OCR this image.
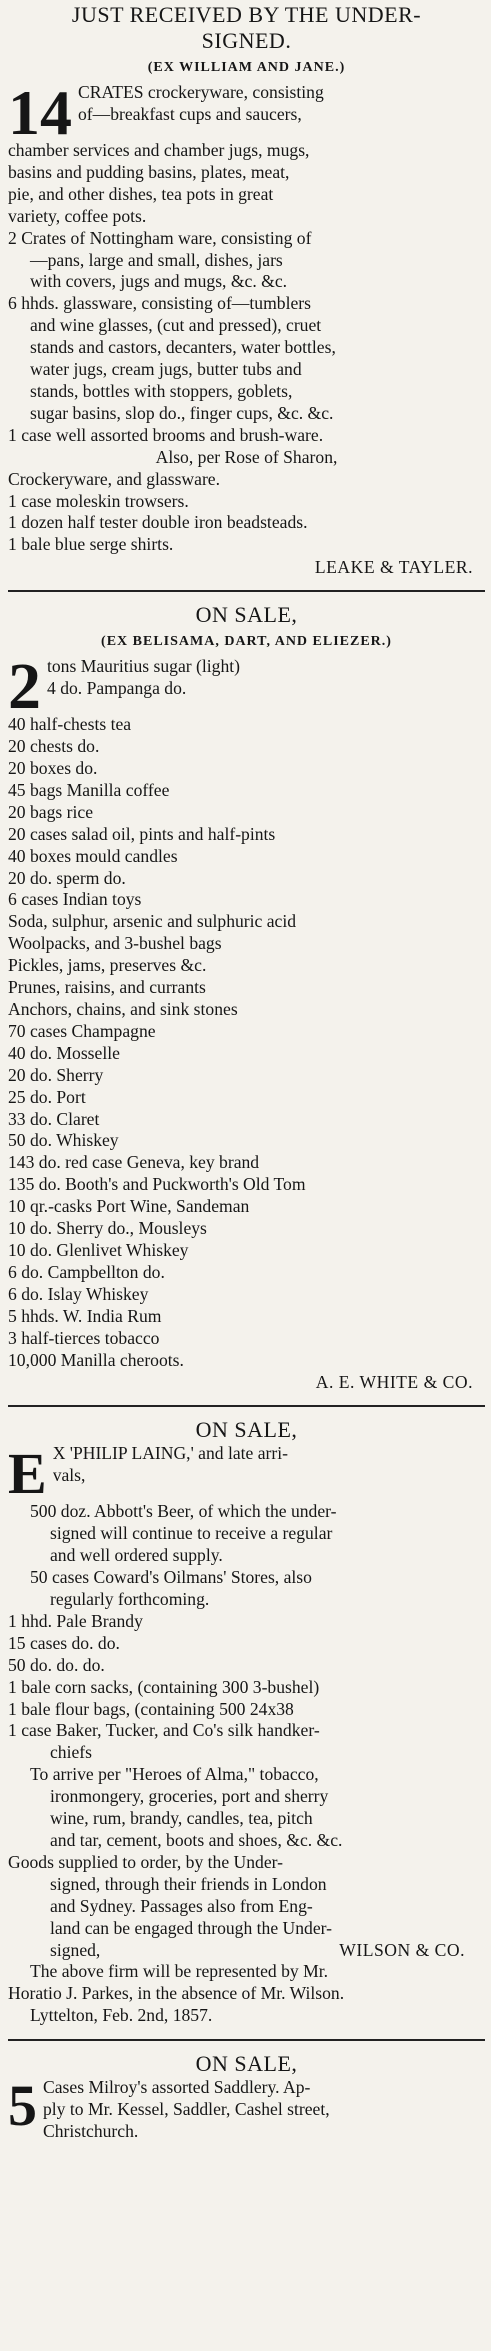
JUST RECEIVED BY THE UNDER-
SIGNED.
(EX WILLIAM AND JANE.)
14 CRATES crockeryware, consisting
of—breakfast cups and saucers,
chamber services and chamber jugs, mugs,
basins and pudding basins, plates, meat,
pie, and other dishes, tea pots in great
variety, coffee pots.
2 Crates of Nottingham ware, consisting of
—pans, large and small, dishes, jars
with covers, jugs and mugs, &c. &c.
6 hhds. glassware, consisting of—tumblers
and wine glasses, (cut and pressed), cruet
stands and castors, decanters, water bottles,
water jugs, cream jugs, butter tubs and
stands, bottles with stoppers, goblets,
sugar basins, slop do., finger cups, &c. &c.
1 case well assorted brooms and brush-ware.
Also, per Rose of Sharon,
Crockeryware, and glassware.
1 case moleskin trowsers.
1 dozen half tester double iron beadsteads.
1 bale blue serge shirts.
LEAKE & TAYLER.
ON SALE,
(EX BELISAMA, DART, AND ELIEZER.)
2 tons Mauritius sugar (light)
4 do. Pampanga do.
40 half-chests tea
20 chests do.
20 boxes do.
45 bags Manilla coffee
20 bags rice
20 cases salad oil, pints and half-pints
40 boxes mould candles
20 do. sperm do.
6 cases Indian toys
Soda, sulphur, arsenic and sulphuric acid
Woolpacks, and 3-bushel bags
Pickles, jams, preserves &c.
Prunes, raisins, and currants
Anchors, chains, and sink stones
70 cases Champagne
40 do. Mosselle
20 do. Sherry
25 do. Port
33 do. Claret
50 do. Whiskey
143 do. red case Geneva, key brand
135 do. Booth's and Puckworth's Old Tom
10 qr.-casks Port Wine, Sandeman
10 do. Sherry do., Mousleys
10 do. Glenlivet Whiskey
6 do. Campbellton do.
6 do. Islay Whiskey
5 hhds. W. India Rum
3 half-tierces tobacco
10,000 Manilla cheroots.
A. E. WHITE & CO.
ON SALE,
E X 'PHILIP LAING,' and late arri-
vals,
500 doz. Abbott's Beer, of which the under-
signed will continue to receive a regular
and well ordered supply.
50 cases Coward's Oilmans' Stores, also
regularly forthcoming.
1 hhd. Pale Brandy
15 cases do. do.
50 do. do. do.
1 bale corn sacks, (containing 300 3-bushel)
1 bale flour bags, (containing 500 24x38
1 case Baker, Tucker, and Co's silk handker-
chiefs
To arrive per "Heroes of Alma," tobacco,
ironmongery, groceries, port and sherry
wine, rum, brandy, candles, tea, pitch
and tar, cement, boots and shoes, &c. &c.
Goods supplied to order, by the Under-
signed, through their friends in London
and Sydney. Passages also from Eng-
land can be engaged through the Under-
signed,	WILSON & CO.
The above firm will be represented by Mr.
Horatio J. Parkes, in the absence of Mr. Wilson.
Lyttelton, Feb. 2nd, 1857.
ON SALE,
5 Cases Milroy's assorted Saddlery. Ap-
ply to Mr. Kessel, Saddler, Cashel street,
Christchurch.
